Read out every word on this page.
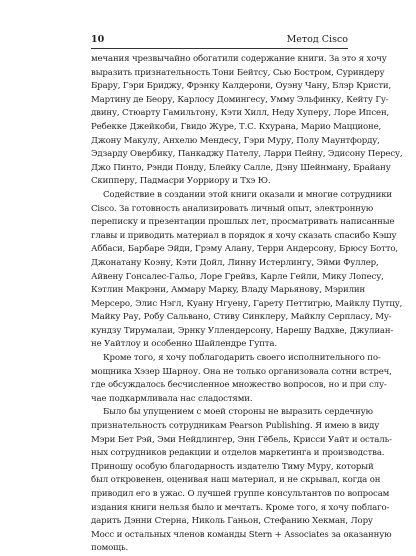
10	Метод Cisco
мечания чрезвычайно обогатили содержание книги. За это я хочу
выразить признательность Тони Бейтсу, Сью Бостром, Суриндеру
Брару, Гэри Бриджу, Фрэнку Калдерони, Оуэну Чану, Блэр Кристи,
Мартину де Беору, Карлосу Домингесу, Умму Эльфинку, Кейту Гу-
двину, Стюарту Гамильтону, Кэти Хилл, Неду Хуперу, Лоре Ипсен,
Ребекке Джейкоби, Гвидо Журе, Т.С. Кхурана, Марио Мацционе,
Джону Макулу, Анхелю Мендесу, Гэри Муру, Полу Маунтфорду,
Эдзарду Овербику, Панкаджу Пателу, Ларри Пейну, Эдисону Пересу,
Джо Пинто, Рэнди Понду, Блейку Салле, Дэну Шейнману, Брайану
Скипперу, Падмасри Уорриору и Тхэ Ю.
Содействие в создании этой книги оказали и многие сотрудники
Cisco. За готовность анализировать личный опыт, электронную
переписку и презентации прошлых лет, просматривать написанные
главы и приводить материал в порядок я хочу сказать спасибо Кэшу
Аббаси, Барбаре Эйди, Грэму Алану, Терри Андерсону, Брюсу Ботто,
Джонатану Коэну, Кэти Дойл, Линну Истерлингу, Эйми Фуллер,
Айвену Гонсалес-Гальо, Лоре Грейвз, Карле Гейли, Мику Лопесу,
Кэтлин Макрэни, Аммару Маркy, Владу Марьянову, Мэрилин
Мерсеро, Элис Нэгл, Куану Нгуену, Гарету Петтигрю, Майклу Путцу,
Майку Рау, Робу Сальвано, Стиву Синклеру, Майклу Серпласу, Му-
кундзу Тирумалаи, Эрнку Уллендерсону, Нарешу Вадхве, Джулиан-
не Уайтлоу и особенно Шайлендре Гупта.
Кроме того, я хочу поблагодарить своего исполнительного по-
мощника Хэзер Шарноу. Она не только организовала сотни встреч,
где обсуждалось бесчисленное множество вопросов, но и при слу-
чае подкармливала нас сладостями.
Было бы упущением с моей стороны не выразить сердечную
признательность сотрудникам Pearson Publishing. Я имею в виду
Мэри Бет Рэй, Эми Нейдлингер, Энн Гёбель, Крисси Уайт и осталь-
ных сотрудников редакции и отделов маркетинга и производства.
Приношу особую благодарность издателю Тиму Муру, который
был откровенен, оценивая наш материал, и не скрывал, когда он
приводил его в ужас. О лучшей группе консультантов по вопросам
издания книги нельзя было и мечтать. Кроме того, я хочу поблаго-
дарить Дэнни Стерна, Николь Ганьон, Стефанию Хекман, Лору
Мосс и остальных членов команды Stern + Associates за оказанную
помощь.
